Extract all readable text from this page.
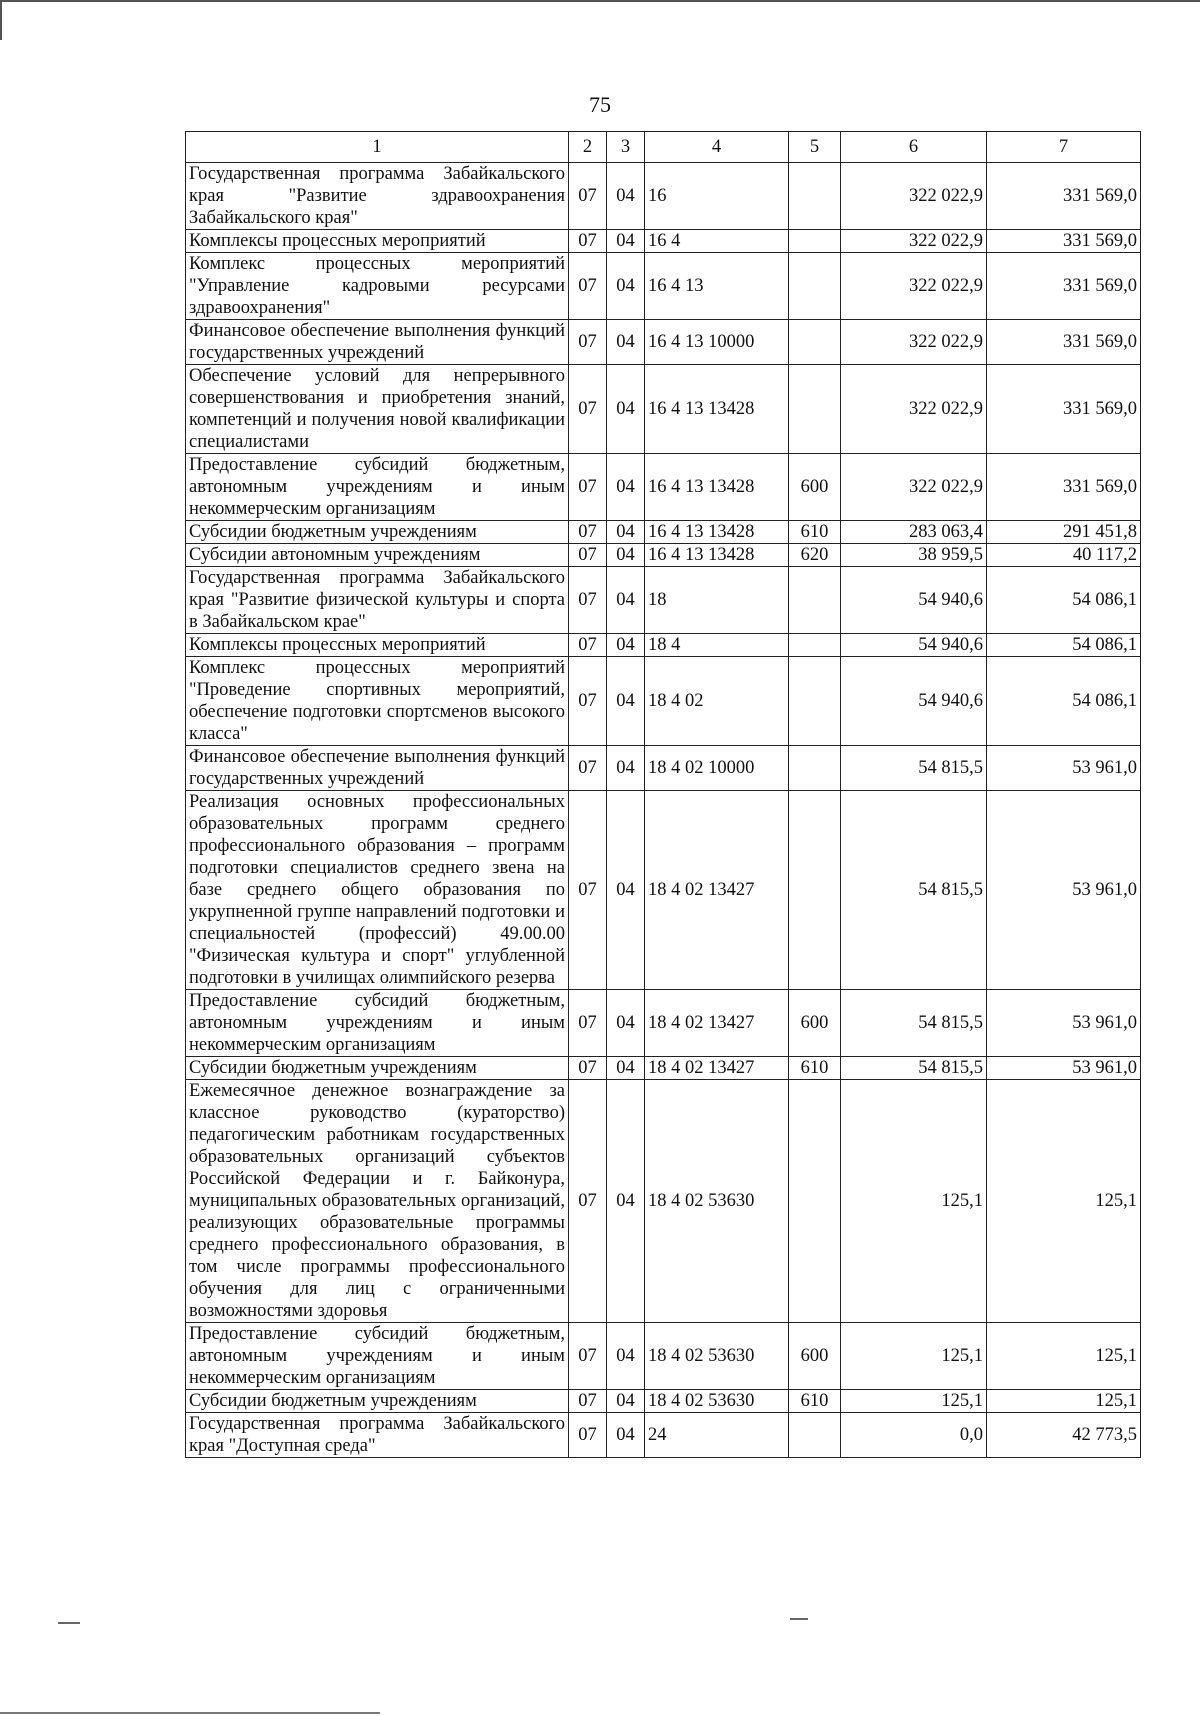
75
1	2	3	4	5	6	7
Государственная программа Забайкальского края "Развитие здравоохранения Забайкальского края"	07	04	16		322 022,9	331 569,0
Комплексы процессных мероприятий	07	04	16 4		322 022,9	331 569,0
Комплекс процессных мероприятий "Управление кадровыми ресурсами здравоохранения"	07	04	16 4 13		322 022,9	331 569,0
Финансовое обеспечение выполнения функций государственных учреждений	07	04	16 4 13 10000		322 022,9	331 569,0
Обеспечение условий для непрерывного совершенствования и приобретения знаний, компетенций и получения новой квалификации специалистами	07	04	16 4 13 13428		322 022,9	331 569,0
Предоставление субсидий бюджетным, автономным учреждениям и иным некоммерческим организациям	07	04	16 4 13 13428	600	322 022,9	331 569,0
Субсидии бюджетным учреждениям	07	04	16 4 13 13428	610	283 063,4	291 451,8
Субсидии автономным учреждениям	07	04	16 4 13 13428	620	38 959,5	40 117,2
Государственная программа Забайкальского края "Развитие физической культуры и спорта в Забайкальском крае"	07	04	18		54 940,6	54 086,1
Комплексы процессных мероприятий	07	04	18 4		54 940,6	54 086,1
Комплекс процессных мероприятий "Проведение спортивных мероприятий, обеспечение подготовки спортсменов высокого класса"	07	04	18 4 02		54 940,6	54 086,1
Финансовое обеспечение выполнения функций государственных учреждений	07	04	18 4 02 10000		54 815,5	53 961,0
Реализация основных профессиональных образовательных программ среднего профессионального образования – программ подготовки специалистов среднего звена на базе среднего общего образования по укрупненной группе направлений подготовки и специальностей (профессий) 49.00.00 "Физическая культура и спорт" углубленной подготовки в училищах олимпийского резерва	07	04	18 4 02 13427		54 815,5	53 961,0
Предоставление субсидий бюджетным, автономным учреждениям и иным некоммерческим организациям	07	04	18 4 02 13427	600	54 815,5	53 961,0
Субсидии бюджетным учреждениям	07	04	18 4 02 13427	610	54 815,5	53 961,0
Ежемесячное денежное вознаграждение за классное руководство (кураторство) педагогическим работникам государственных образовательных организаций субъектов Российской Федерации и г. Байконура, муниципальных образовательных организаций, реализующих образовательные программы среднего профессионального образования, в том числе программы профессионального обучения для лиц с ограниченными возможностями здоровья	07	04	18 4 02 53630		125,1	125,1
Предоставление субсидий бюджетным, автономным учреждениям и иным некоммерческим организациям	07	04	18 4 02 53630	600	125,1	125,1
Субсидии бюджетным учреждениям	07	04	18 4 02 53630	610	125,1	125,1
Государственная программа Забайкальского края "Доступная среда"	07	04	24		0,0	42 773,5
